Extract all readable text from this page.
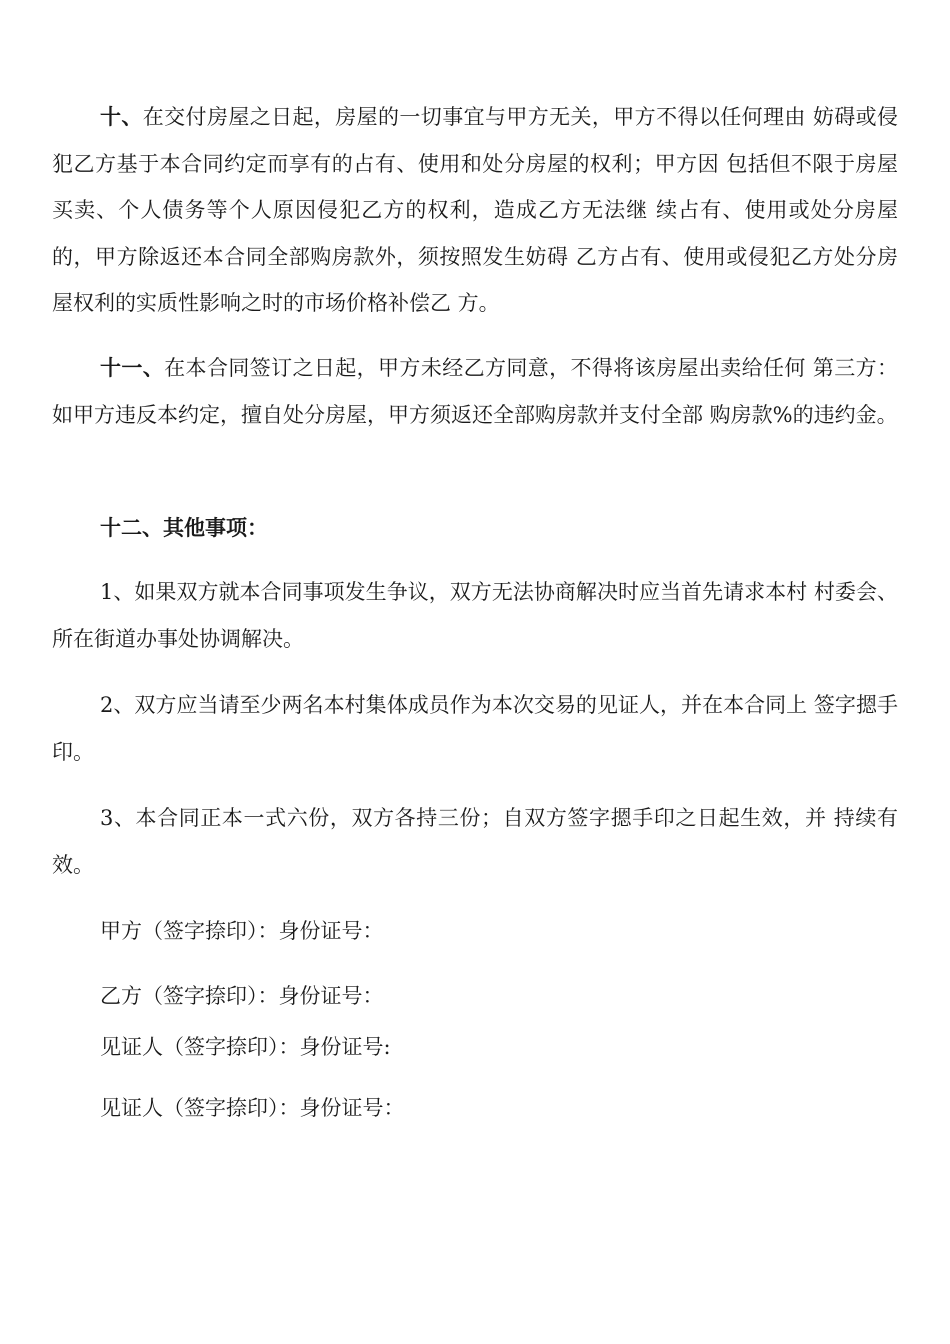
十、在交付房屋之日起，房屋的一切事宜与甲方无关，甲方不得以任何理由 妨碍或侵犯乙方基于本合同约定而享有的占有、使用和处分房屋的权利；甲方因 包括但不限于房屋买卖、个人债务等个人原因侵犯乙方的权利，造成乙方无法继 续占有、使用或处分房屋的，甲方除返还本合同全部购房款外，须按照发生妨碍 乙方占有、使用或侵犯乙方处分房屋权利的实质性影响之时的市场价格补偿乙 方。

十一、在本合同签订之日起，甲方未经乙方同意，不得将该房屋出卖给任何 第三方：如甲方违反本约定，擅自处分房屋，甲方须返还全部购房款并支付全部 购房款%的违约金。

十二、其他事项：

1、如果双方就本合同事项发生争议，双方无法协商解决时应当首先请求本村 村委会、所在街道办事处协调解决。

2、双方应当请至少两名本村集体成员作为本次交易的见证人，并在本合同上 签字摁手印。

3、本合同正本一式六份，双方各持三份；自双方签字摁手印之日起生效，并 持续有效。

甲方（签字捺印）：身份证号：

乙方（签字捺印）：身份证号：

见证人（签字捺印）：身份证号:

见证人（签字捺印）：身份证号：
